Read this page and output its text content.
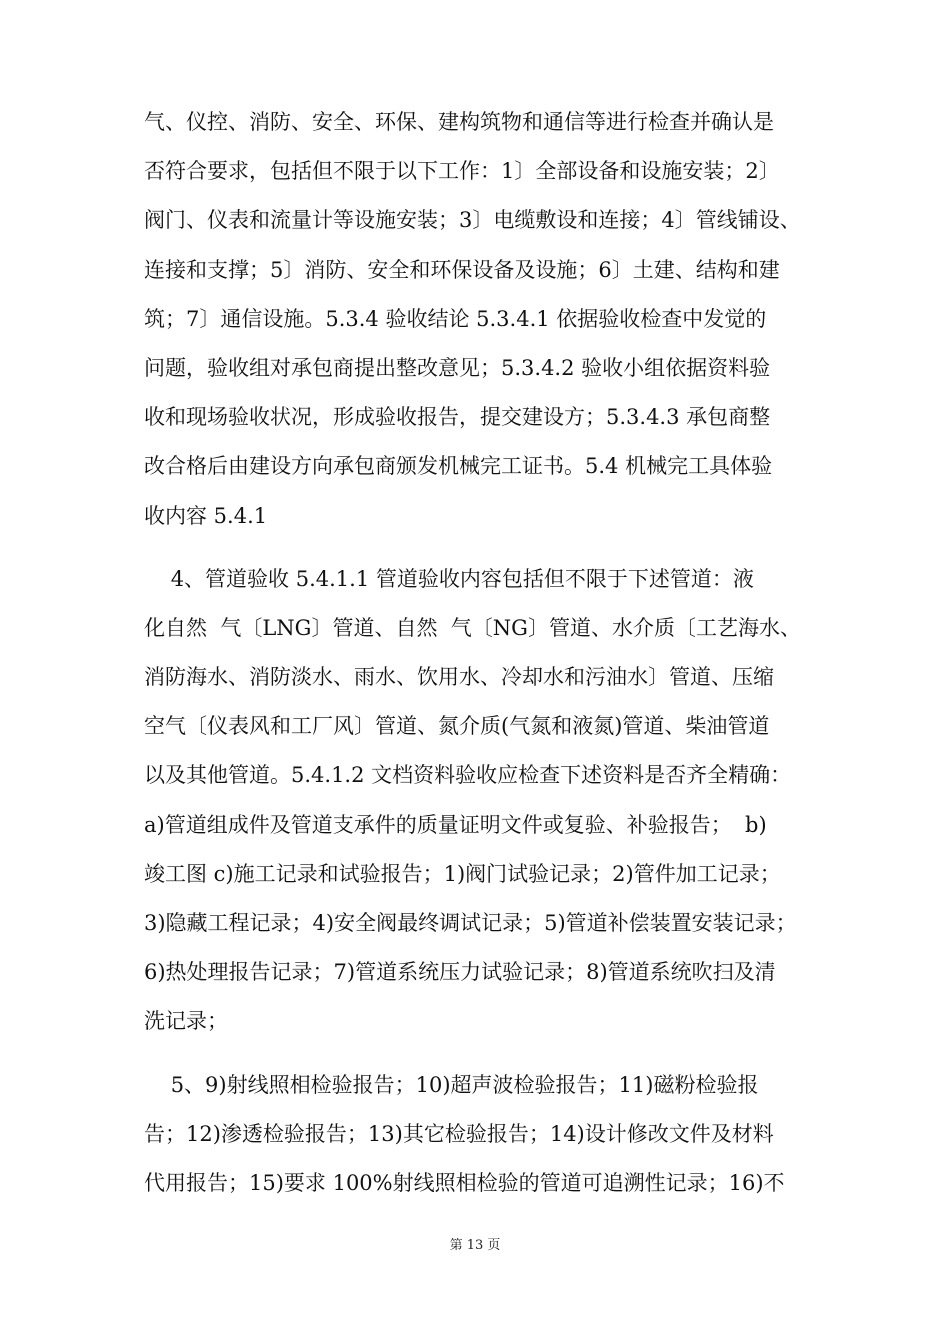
气、仪控、消防、安全、环保、建构筑物和通信等进行检查并确认是
否符合要求，包括但不限于以下工作：1〕全部设备和设施安装；2〕
阀门、仪表和流量计等设施安装；3〕电缆敷设和连接；4〕管线铺设、
连接和支撑；5〕消防、安全和环保设备及设施；6〕土建、结构和建
筑；7〕通信设施。5.3.4 验收结论 5.3.4.1 依据验收检查中发觉的
问题，验收组对承包商提出整改意见；5.3.4.2 验收小组依据资料验
收和现场验收状况，形成验收报告，提交建设方；5.3.4.3 承包商整
改合格后由建设方向承包商颁发机械完工证书。5.4 机械完工具体验
收内容 5.4.1
4、管道验收 5.4.1.1 管道验收内容包括但不限于下述管道：液
化自然  气〔LNG〕管道、自然  气〔NG〕管道、水介质〔工艺海水、
消防海水、消防淡水、雨水、饮用水、冷却水和污油水〕管道、压缩
空气〔仪表风和工厂风〕管道、氮介质(气氮和液氮)管道、柴油管道
以及其他管道。5.4.1.2 文档资料验收应检查下述资料是否齐全精确：
a)管道组成件及管道支承件的质量证明文件或复验、补验报告；  b)
竣工图 c)施工记录和试验报告；1)阀门试验记录；2)管件加工记录；
3)隐藏工程记录；4)安全阀最终调试记录；5)管道补偿装置安装记录；
6)热处理报告记录；7)管道系统压力试验记录；8)管道系统吹扫及清
洗记录；
5、9)射线照相检验报告；10)超声波检验报告；11)磁粉检验报
告；12)渗透检验报告；13)其它检验报告；14)设计修改文件及材料
代用报告；15)要求 100%射线照相检验的管道可追溯性记录；16)不
第 13 页
